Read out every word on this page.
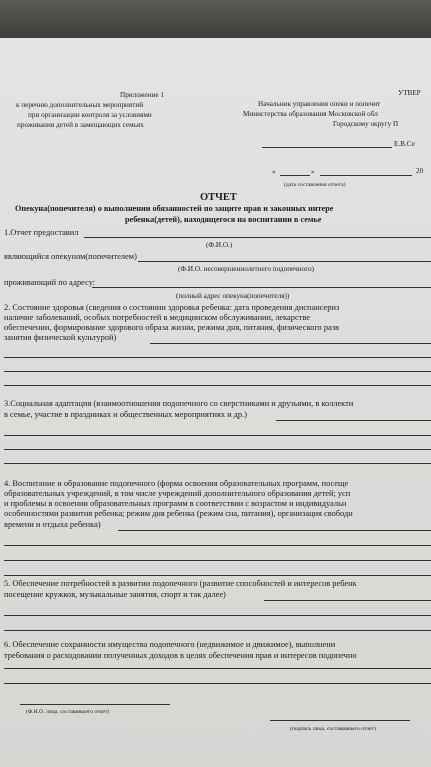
Приложение 1
к перечню дополнительных мероприятий
при организации контроля за условиями
проживания детей в замещающих семьях
УТВЕР
Начальник управления опеки и попечит
Министерства образования Московской обл
Городскому округу П
Е.В.Се
«	»	20
(дата составления отчета)
ОТЧЕТ
Опекуна(попечителя) о выполнении обязанностей по защите прав и законных интере
ребенка(детей), находящегося на воспитании в семье
1.Отчет предоставил
(Ф.И.О.)
являющийся опекуном(попечителем)
(Ф.И.О. несовершеннолетнего подопечного)
проживающий по адресу:
(полный адрес опекуна(попечителя))
2. Состояние здоровья (сведения о состоянии здоровья ребенка: дата проведения диспансериз
наличие заболеваний, особых потребностей в медицинском обслуживании, лекарстве
обеспечении, формирование здорового образа жизни, режима дня, питания, физического разв
занятия физической культурой)
3.Социальная адаптация (взаимоотношения подопечного со сверстниками и друзьями, в коллекти
в семье, участие в праздниках и общественных мероприятиях и др.)
4. Воспитание и образование подопечного (форма освоения образовательных программ, посеще
образовательных учреждений, в том числе учреждений дополнительного образования детей; усп
и проблемы в освоении образовательных программ в соответствии с возрастом и индивидуальн
особенностями развития ребенка; режим дня ребенка (режим сна, питания), организация свободн
времени и отдыха ребенка)
5. Обеспечение потребностей в развитии подопечного (развитие способностей и интересов ребенк
посещение кружков, музыкальные занятия, спорт и так далее)
6. Обеспечение сохранности имущества подопечного (недвижимое и движимое), выполнени
требования о расходовании полученных доходов в целях обеспечения прав и интересов подопечно
(Ф.И.О. лица, составившего отчет)
(подпись лица, составившего отчет)
